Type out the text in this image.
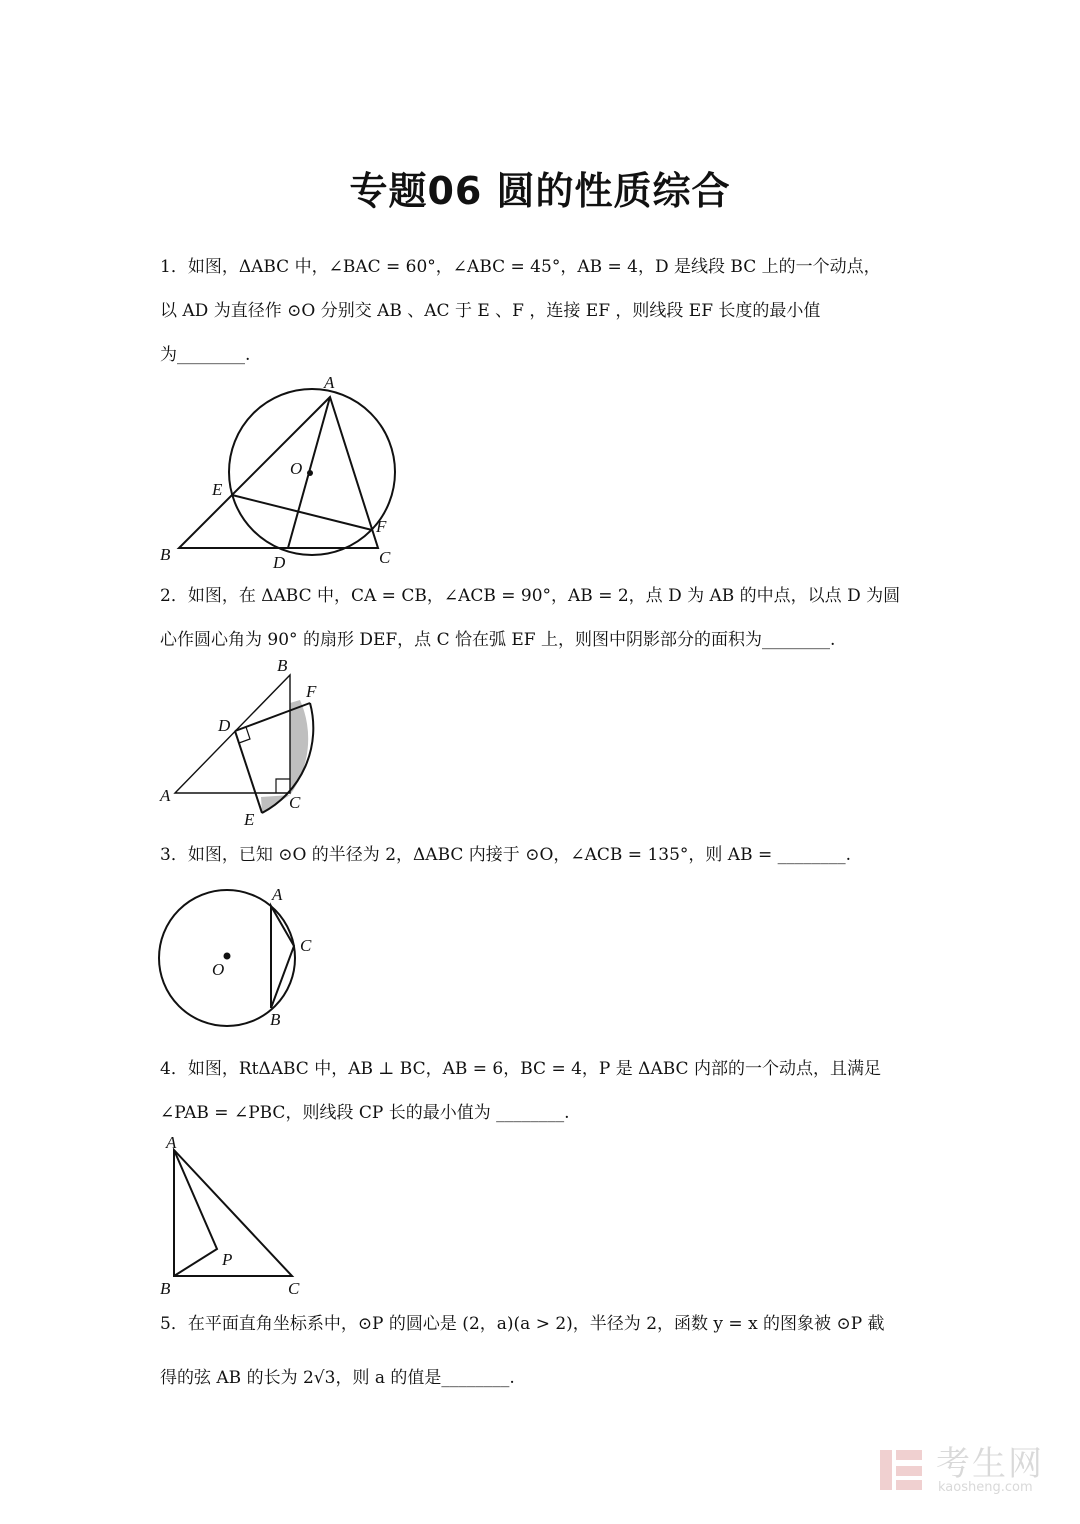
专题06 圆的性质综合
1．如图，ΔABC 中，∠BAC = 60°，∠ABC = 45°，AB = 4，D 是线段 BC 上的一个动点，
以 AD 为直径作 ⊙O 分别交 AB 、AC 于 E 、F ，连接 EF ，则线段 EF 长度的最小值
为________.
A
B	C
D
E
F
O
2．如图，在 ΔABC 中，CA = CB，∠ACB = 90°，AB = 2，点 D 为 AB 的中点，以点 D 为圆
心作圆心角为 90° 的扇形 DEF，点 C 恰在弧 EF 上，则图中阴影部分的面积为________.
B
F
D
A	C
E
3．如图，已知 ⊙O 的半径为 2，ΔABC 内接于 ⊙O，∠ACB = 135°，则 AB = ________.
A
C
B
O
4．如图，RtΔABC 中，AB ⊥ BC，AB = 6，BC = 4，P 是 ΔABC 内部的一个动点，且满足
∠PAB = ∠PBC，则线段 CP 长的最小值为 ________.
A
B	C
P
5．在平面直角坐标系中，⊙P 的圆心是 (2，a)(a > 2)，半径为 2，函数 y = x 的图象被 ⊙P 截
得的弦 AB 的长为 2√3，则 a 的值是________.
考生网
kaosheng.com
